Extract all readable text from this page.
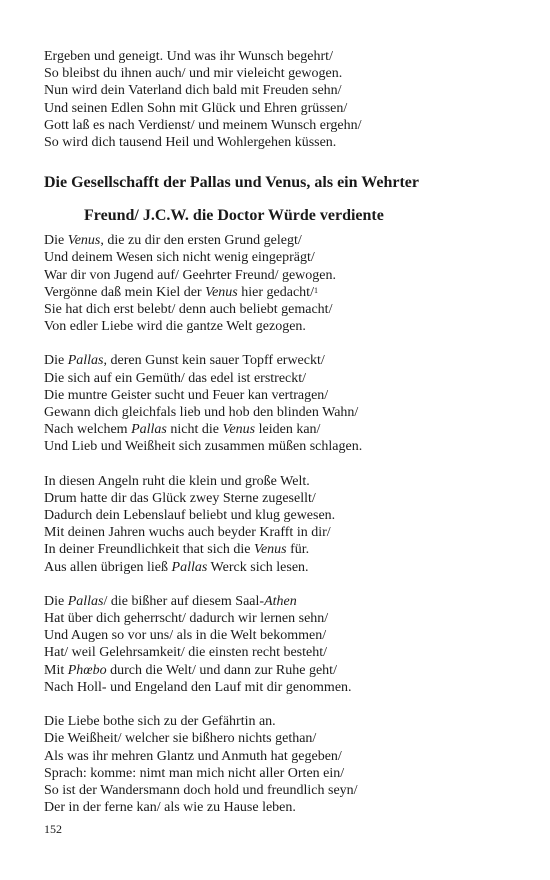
Ergeben und geneigt. Und was ihr Wunsch begehrt/
So bleibst du ihnen auch/ und mir vieleicht gewogen.
Nun wird dein Vaterland dich bald mit Freuden sehn/
Und seinen Edlen Sohn mit Glück und Ehren grüssen/
Gott laß es nach Verdienst/ und meinem Wunsch ergehn/
So wird dich tausend Heil und Wohlergehen küssen.
Die Gesellschafft der Pallas und Venus, als ein Wehrter
Freund/ J.C.W. die Doctor Würde verdiente
Die Venus, die zu dir den ersten Grund gelegt/
Und deinem Wesen sich nicht wenig eingeprägt/
War dir von Jugend auf/ Geehrter Freund/ gewogen.
Vergönne daß mein Kiel der Venus hier gedacht/$^1$
Sie hat dich erst belebt/ denn auch beliebt gemacht/
Von edler Liebe wird die gantze Welt gezogen.
Die Pallas, deren Gunst kein sauer Topff erweckt/
Die sich auf ein Gemüth/ das edel ist erstreckt/
Die muntre Geister sucht und Feuer kan vertragen/
Gewann dich gleichfals lieb und hob den blinden Wahn/
Nach welchem Pallas nicht die Venus leiden kan/
Und Lieb und Weißheit sich zusammen müßen schlagen.
In diesen Angeln ruht die klein und große Welt.
Drum hatte dir das Glück zwey Sterne zugesellt/
Dadurch dein Lebenslauf beliebt und klug gewesen.
Mit deinen Jahren wuchs auch beyder Krafft in dir/
In deiner Freundlichkeit that sich die Venus für.
Aus allen übrigen ließ Pallas Werck sich lesen.
Die Pallas/ die bißher auf diesem Saal-Athen
Hat über dich geherrscht/ dadurch wir lernen sehn/
Und Augen so vor uns/ als in die Welt bekommen/
Hat/ weil Gelehrsamkeit/ die einsten recht besteht/
Mit Phœbo durch die Welt/ und dann zur Ruhe geht/
Nach Holl- und Engeland den Lauf mit dir genommen.
Die Liebe bothe sich zu der Gefährtin an.
Die Weißheit/ welcher sie bißhero nichts gethan/
Als was ihr mehren Glantz und Anmuth hat gegeben/
Sprach: komme: nimt man mich nicht aller Orten ein/
So ist der Wandersmann doch hold und freundlich seyn/
Der in der ferne kan/ als wie zu Hause leben.
152
